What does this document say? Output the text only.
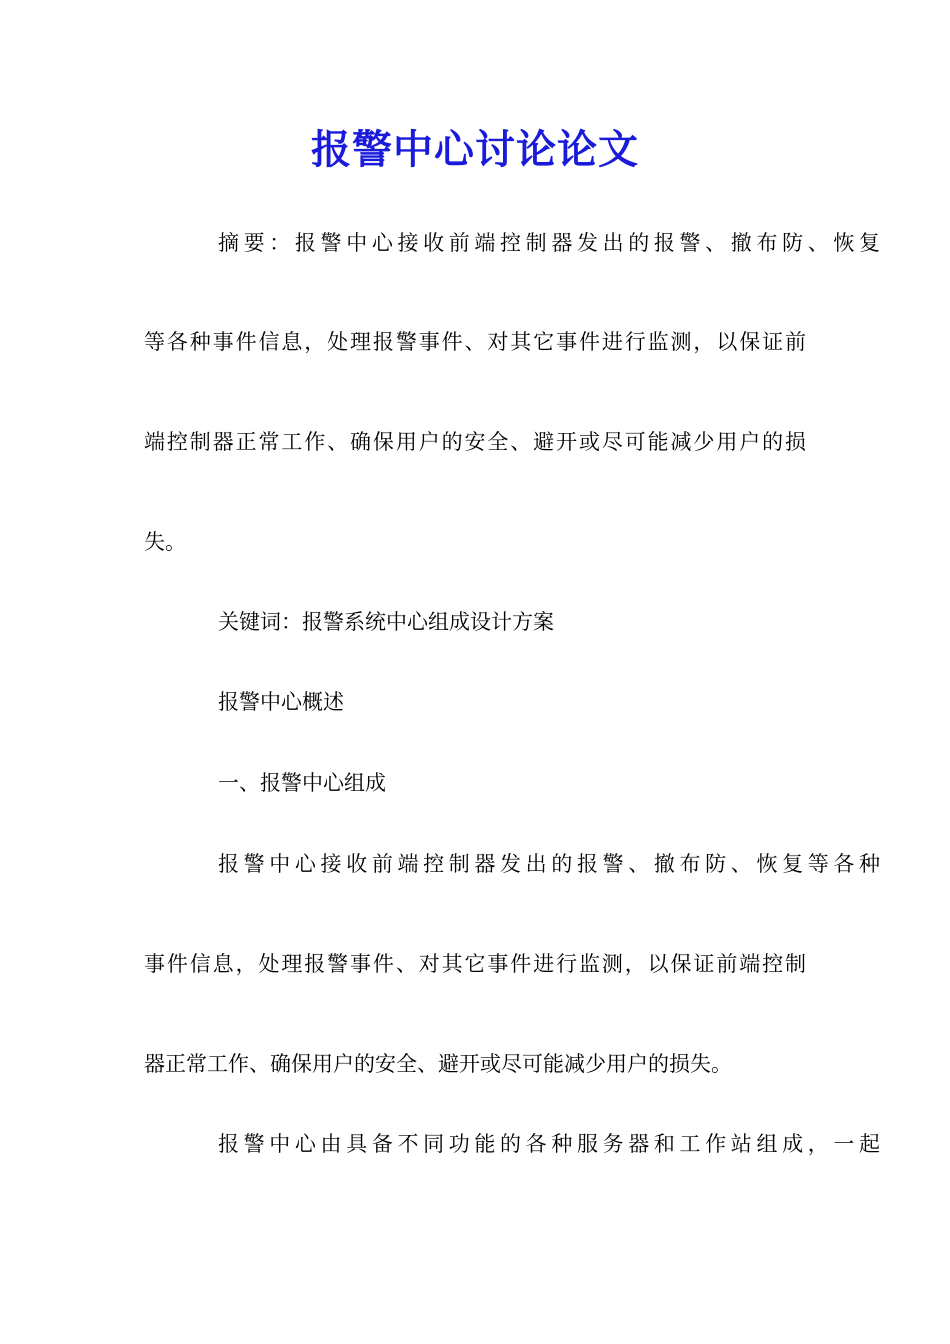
报警中心讨论论文
摘要：报警中心接收前端控制器发出的报警、撤布防、恢复
等各种事件信息，处理报警事件、对其它事件进行监测，以保证前
端控制器正常工作、确保用户的安全、避开或尽可能减少用户的损
失。
关键词：报警系统中心组成设计方案
报警中心概述
一、报警中心组成
报警中心接收前端控制器发出的报警、撤布防、恢复等各种
事件信息，处理报警事件、对其它事件进行监测，以保证前端控制
器正常工作、确保用户的安全、避开或尽可能减少用户的损失。
报警中心由具备不同功能的各种服务器和工作站组成，一起
